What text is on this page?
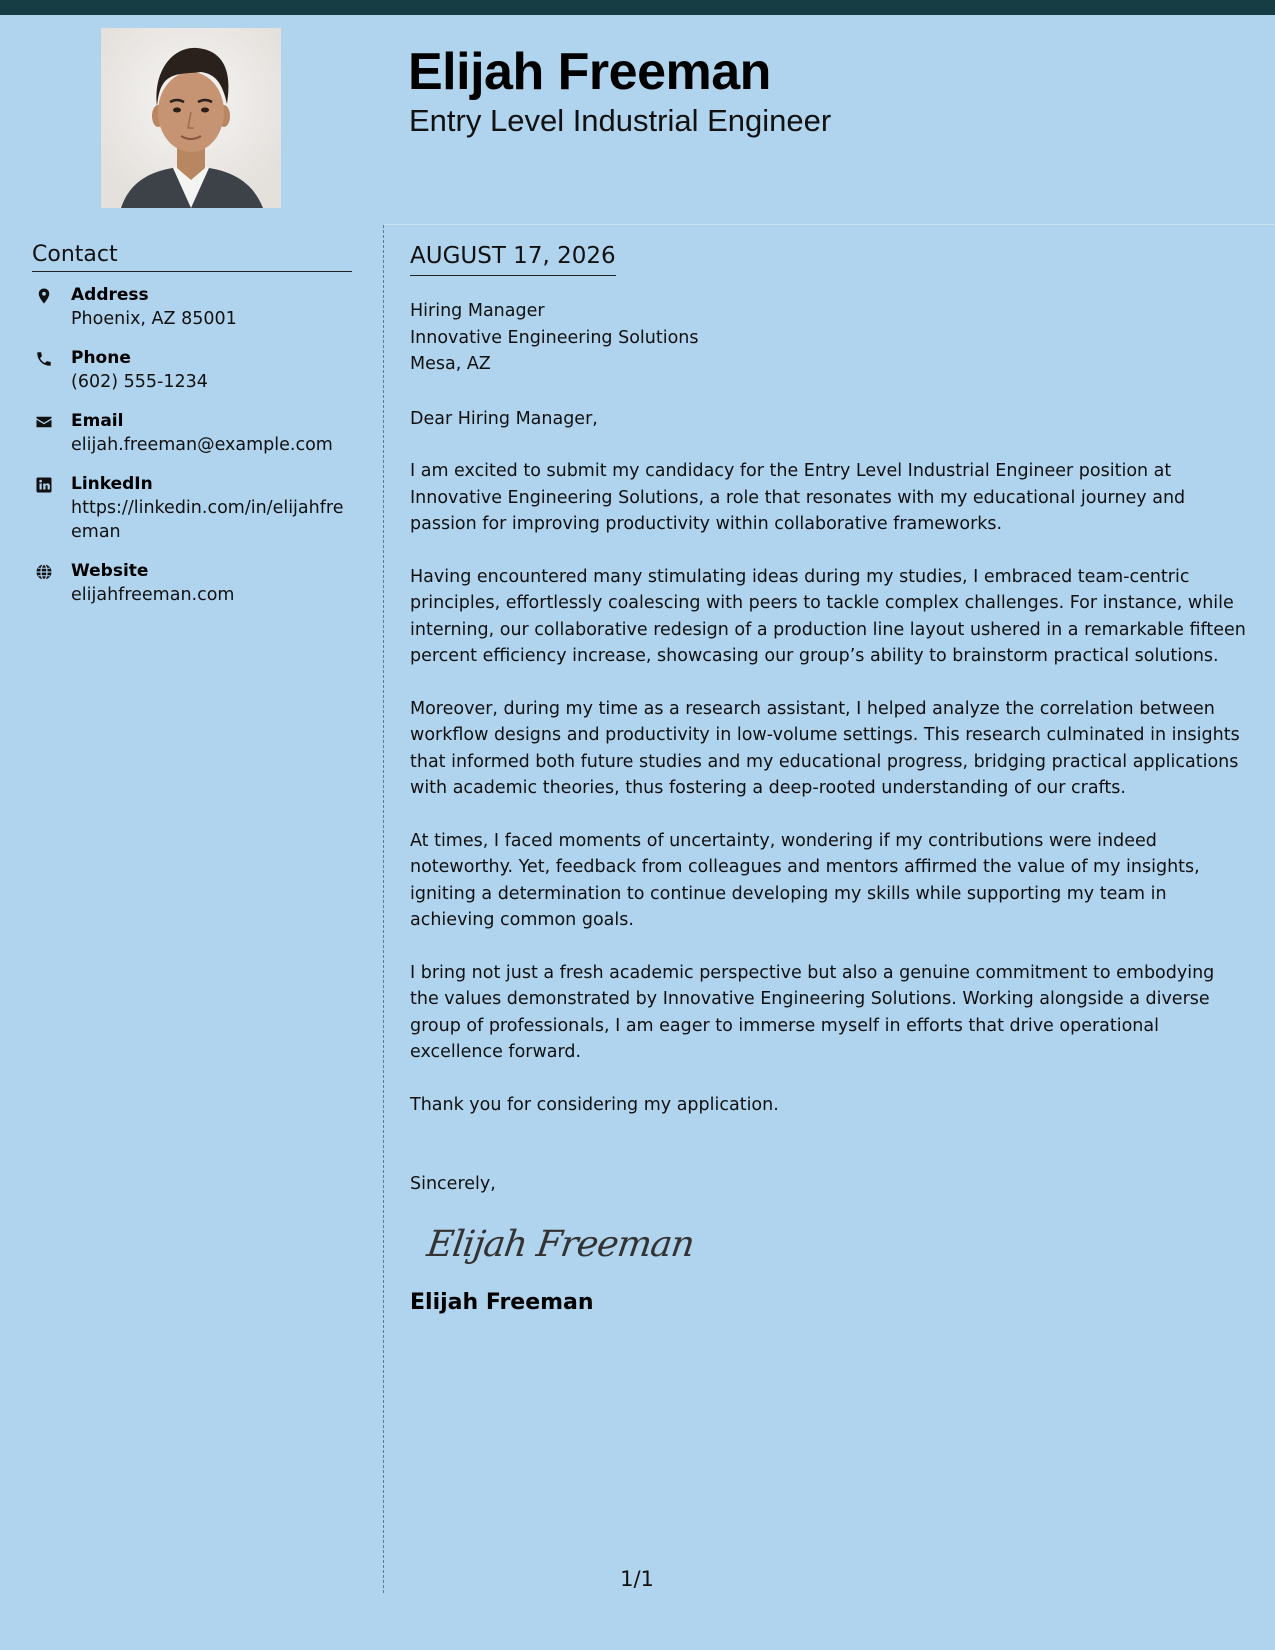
Elijah Freeman
Entry Level Industrial Engineer
Contact
Address
Phoenix, AZ 85001
Phone
(602) 555-1234
Email
elijah.freeman@example.com
LinkedIn
https://linkedin.com/in/elijahfreeman
Website
elijahfreeman.com
AUGUST 17, 2026
Hiring Manager
Innovative Engineering Solutions
Mesa, AZ
Dear Hiring Manager,

I am excited to submit my candidacy for the Entry Level Industrial Engineer position at Innovative Engineering Solutions, a role that resonates with my educational journey and passion for improving productivity within collaborative frameworks.

Having encountered many stimulating ideas during my studies, I embraced team-centric principles, effortlessly coalescing with peers to tackle complex challenges. For instance, while interning, our collaborative redesign of a production line layout ushered in a remarkable fifteen percent efficiency increase, showcasing our group’s ability to brainstorm practical solutions.

Moreover, during my time as a research assistant, I helped analyze the correlation between workflow designs and productivity in low-volume settings. This research culminated in insights that informed both future studies and my educational progress, bridging practical applications with academic theories, thus fostering a deep-rooted understanding of our crafts.

At times, I faced moments of uncertainty, wondering if my contributions were indeed noteworthy. Yet, feedback from colleagues and mentors affirmed the value of my insights, igniting a determination to continue developing my skills while supporting my team in achieving common goals.

I bring not just a fresh academic perspective but also a genuine commitment to embodying the values demonstrated by Innovative Engineering Solutions. Working alongside a diverse group of professionals, I am eager to immerse myself in efforts that drive operational excellence forward.

Thank you for considering my application.

Sincerely,
Elijah Freeman
Elijah Freeman
1/1
